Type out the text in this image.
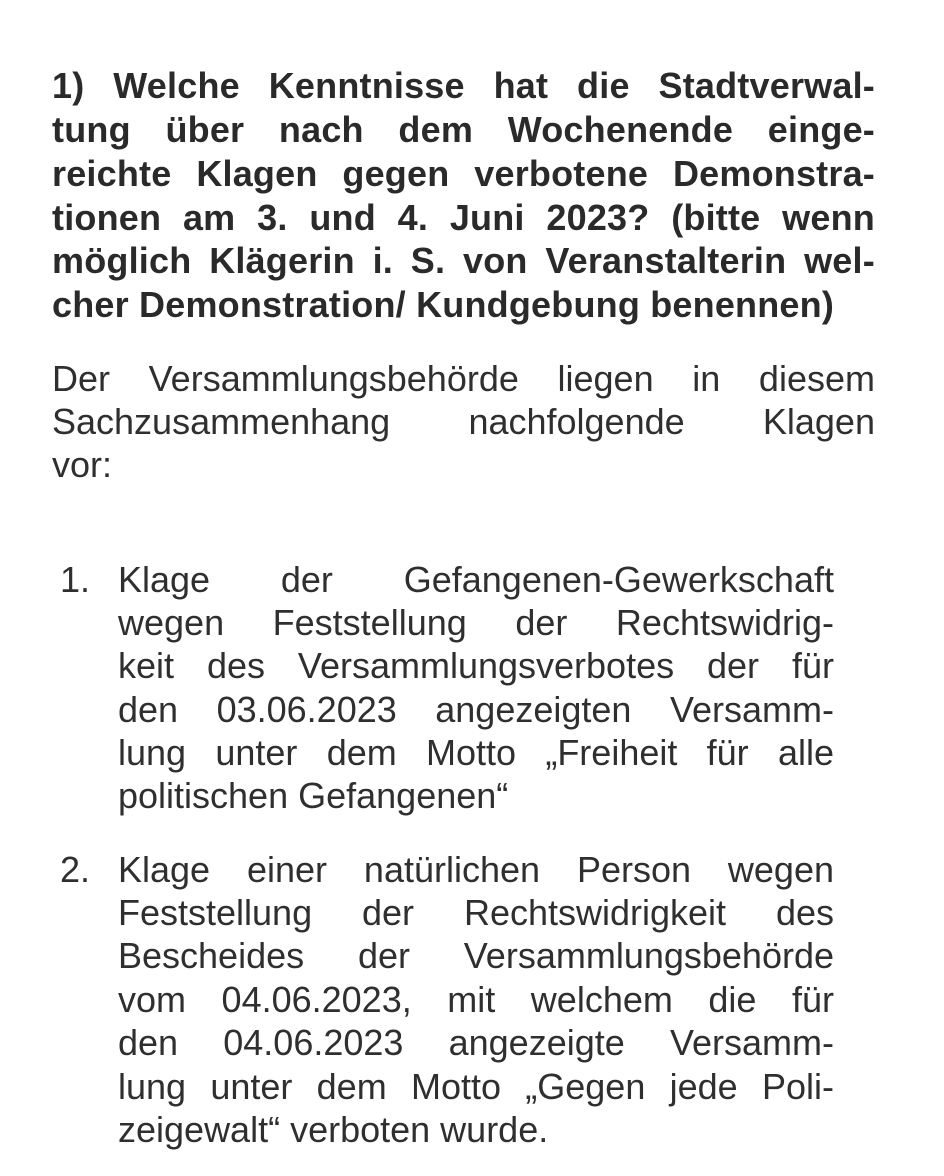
1) Welche Kenntnisse hat die Stadtverwal-
tung über nach dem Wochenende einge-
reichte Klagen gegen verbotene Demonstra-
tionen am 3. und 4. Juni 2023? (bitte wenn
möglich Klägerin i. S. von Veranstalterin wel-
cher Demonstration/ Kundgebung benennen)
Der Versammlungsbehörde liegen in diesem
Sachzusammenhang nachfolgende Klagen
vor:
1. Klage der Gefangenen-Gewerkschaft
wegen Feststellung der Rechtswidrig-
keit des Versammlungsverbotes der für
den 03.06.2023 angezeigten Versamm-
lung unter dem Motto „Freiheit für alle
politischen Gefangenen“
2. Klage einer natürlichen Person wegen
Feststellung der Rechtswidrigkeit des
Bescheides der Versammlungsbehörde
vom 04.06.2023, mit welchem die für
den 04.06.2023 angezeigte Versamm-
lung unter dem Motto „Gegen jede Poli-
zeigewalt“ verboten wurde.
